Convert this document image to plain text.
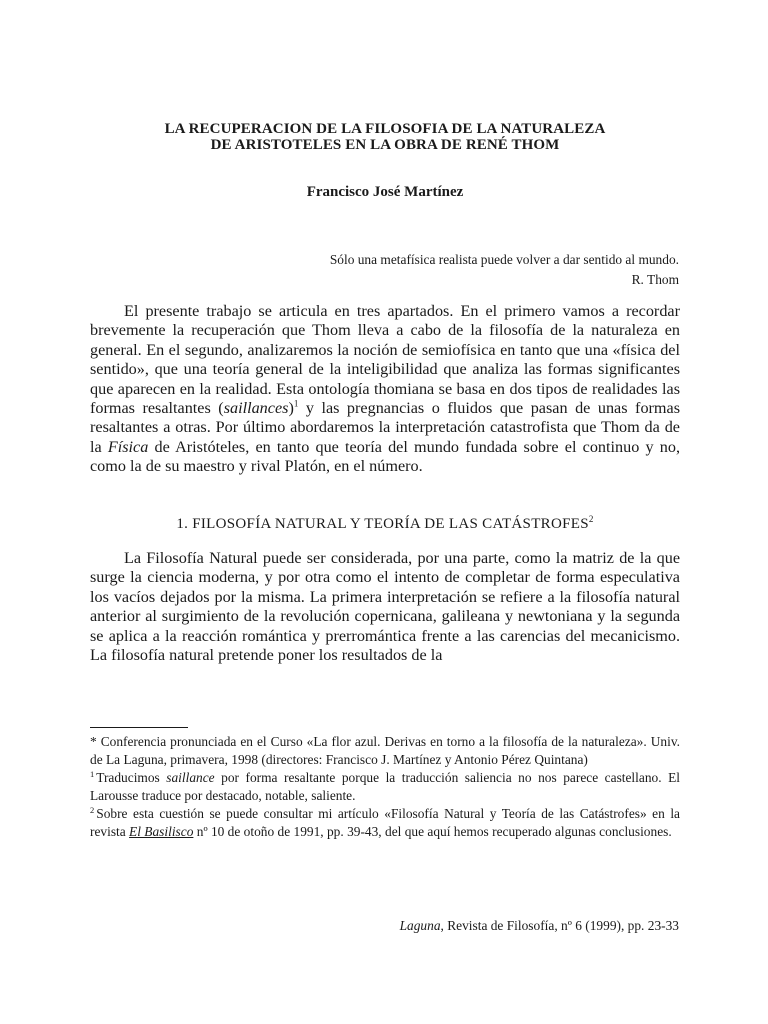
LA RECUPERACION DE LA FILOSOFIA DE LA NATURALEZA
DE ARISTOTELES EN LA OBRA DE RENÉ THOM
Francisco José Martínez
Sólo una metafísica realista puede volver a dar sentido al mundo.
R. Thom

El presente trabajo se articula en tres apartados. En el primero vamos a recordar brevemente la recuperación que Thom lleva a cabo de la filosofía de la naturaleza en general. En el segundo, analizaremos la noción de semiofísica en tanto que una «física del sentido», que una teoría general de la inteligibilidad que analiza las formas significantes que aparecen en la realidad. Esta ontología thomiana se basa en dos tipos de realidades las formas resaltantes (saillances)$^1$ y las pregnancias o fluidos que pasan de unas formas resaltantes a otras. Por último abordaremos la interpretación catastrofista que Thom da de la Física de Aristóteles, en tanto que teoría del mundo fundada sobre el continuo y no, como la de su maestro y rival Platón, en el número.

1. FILOSOFÍA NATURAL Y TEORÍA DE LAS CATÁSTROFES$^2$

La Filosofía Natural puede ser considerada, por una parte, como la matriz de la que surge la ciencia moderna, y por otra como el intento de completar de forma especulativa los vacíos dejados por la misma. La primera interpretación se refiere a la filosofía natural anterior al surgimiento de la revolución copernicana, galileana y newtoniana y la segunda se aplica a la reacción romántica y prerromántica frente a las carencias del mecanicismo. La filosofía natural pretende poner los resultados de la

* Conferencia pronunciada en el Curso «La flor azul. Derivas en torno a la filosofía de la naturaleza». Univ. de La Laguna, primavera, 1998 (directores: Francisco J. Martínez y Antonio Pérez Quintana)

$^1$ Traducimos saillance por forma resaltante porque la traducción saliencia no nos parece castellano. El Larousse traduce por destacado, notable, saliente.

$^2$ Sobre esta cuestión se puede consultar mi artículo «Filosofía Natural y Teoría de las Catástrofes» en la revista El Basilisco nº 10 de otoño de 1991, pp. 39-43, del que aquí hemos recuperado algunas conclusiones.

Laguna, Revista de Filosofía, nº 6 (1999), pp. 23-33
